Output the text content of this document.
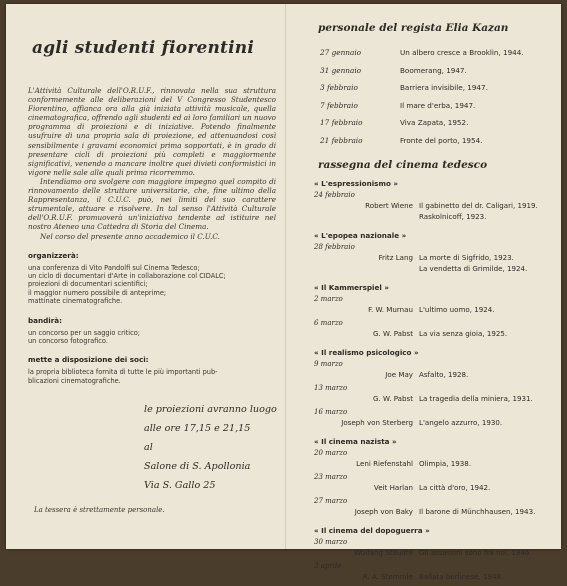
agli studenti fiorentini

L'Attività Culturale dell'O.R.U.F., rinnovata nella sua struttura conformemente alle deliberazioni del V Congresso Studentesco Fiorentino, affianca ora alla già iniziata attività musicale, quella cinematografica, offrendo agli studenti ed ai loro familiari un nuovo programma di proiezioni e di iniziative. Potendo finalmente usufruire di una propria sala di proiezione, ed attenuandosi così sensibilmente i gravami economici prima sopportati, è in grado di presentare cicli di proiezioni più completi e maggiormente significativi, venendo a mancare inoltre quei divieti conformistici in vigore nelle sale alle quali prima ricorremmo.

Intendiamo ora svolgere con maggiore impegno quel compito di rinnovamento delle strutture universitarie, che, fine ultimo della Rappresentanza, il C.U.C. può, nei limiti del suo carattere strumentale, attuare e risolvere. In tal senso l'Attività Culturale dell'O.R.U.F. promuoverà un'iniziativa tendente ad istituire nel nostro Ateneo una Cattedra di Storia del Cinema.

Nel corso del presente anno accademico il C.U.C.

organizzerà:
una conferenza di Vito Pandolfi sul Cinema Tedesco;
un ciclo di documentari d'Arte in collaborazione col CIDALC;
proiezioni di documentari scientifici;
il maggior numero possibile di anteprime;
mattinate cinematografiche.
bandirà:
un concorso per un saggio critico;
un concorso fotografico.
mette a disposizione dei soci:
la propria biblioteca fornita di tutte le più importanti pub-
blicazioni cinematografiche.
le proiezioni avranno luogo
alle ore 17,15 e 21,15
al
Salone di S. Apollonia
Via S. Gallo 25
La tessera è strettamente personale.
personale del regista Elia Kazan
27 gennaio	Un albero cresce a Brooklin, 1944.
31 gennaio	Boomerang, 1947.
3 febbraio	Barriera invisibile, 1947.
7 febbraio	Il mare d'erba, 1947.
17 febbraio	Viva Zapata, 1952.
21 febbraio	Fronte del porto, 1954.
rassegna del cinema tedesco
« L'espressionismo »
24 febbraio
Robert Wiene Il gabinetto del dr. Caligari, 1919.
Raskolnicoff, 1923.
« L'epopea nazionale »
28 febbraio
Fritz Lang La morte di Sigfrido, 1923.
La vendetta di Grimilde, 1924.
« Il Kammerspiel »
2 marzo
F. W. Murnau L'ultimo uomo, 1924.
6 marzo
G. W. Pabst La via senza gioia, 1925.
« Il realismo psicologico »
9 marzo
Joe May Asfalto, 1928.
13 marzo
G. W. Pabst La tragedia della miniera, 1931.
16 marzo
Joseph von Sterberg L'angelo azzurro, 1930.
« Il cinema nazista »
20 marzo
Leni Riefenstahl Olimpia, 1938.
23 marzo
Veit Harlan La città d'oro, 1942.
27 marzo
Joseph von Baky Il barone di Münchhausen, 1943.
« Il cinema del dopoguerra »
30 marzo
Wolfang Staudte Gli assassini sono fra noi, 1946.
3 aprile
R. A. Stemmle Ballata berlinese, 1948.
